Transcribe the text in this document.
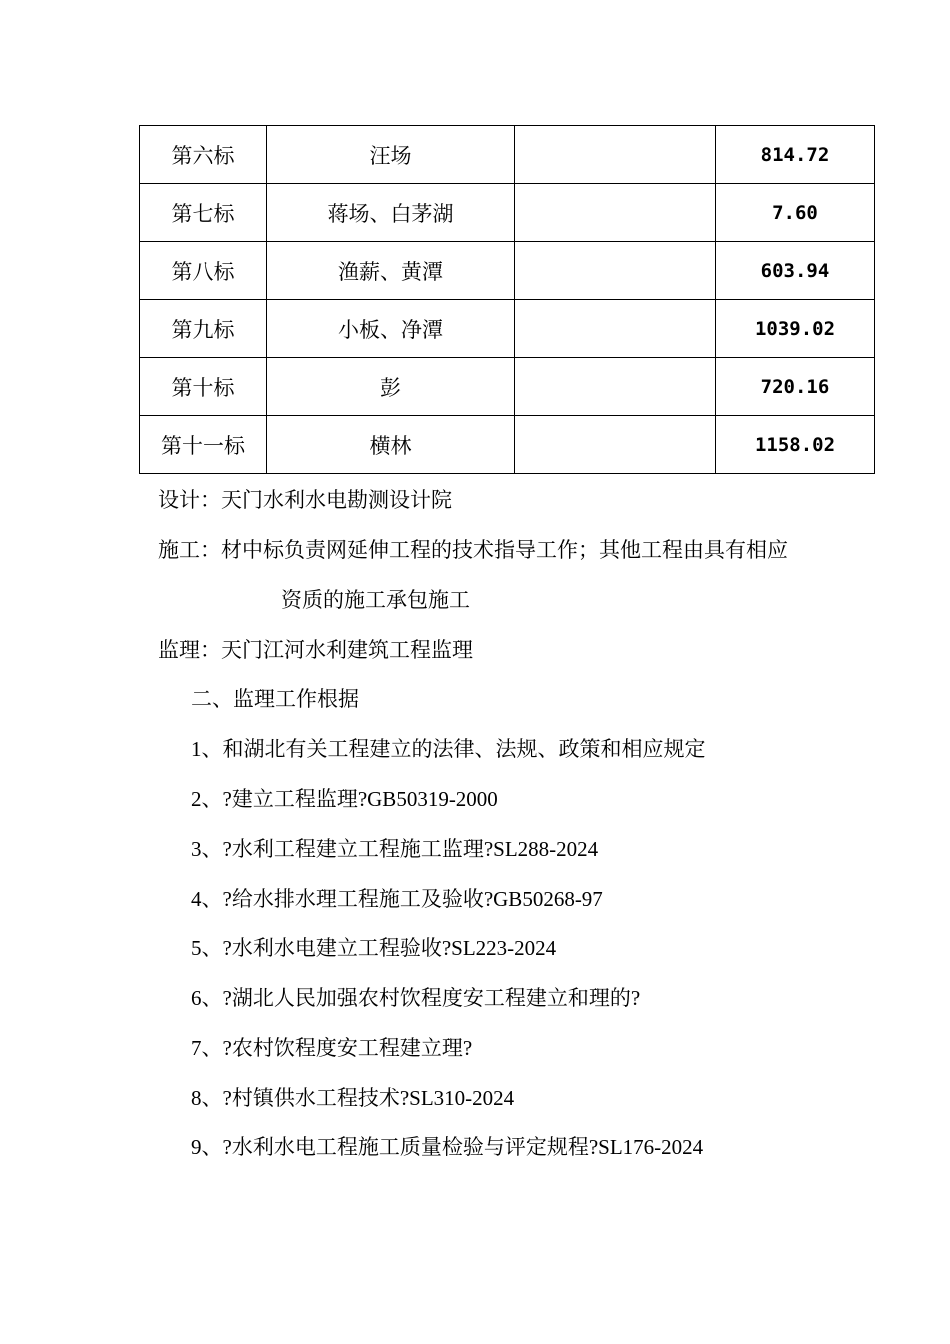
第六标	汪场		814.72
第七标	蒋场、白茅湖		7.60
第八标	渔薪、黄潭		603.94
第九标	小板、净潭		1039.02
第十标	彭		720.16
第十一标	横林		1158.02
设计：天门水利水电勘测设计院
施工：材中标负责网延伸工程的技术指导工作；其他工程由具有相应
资质的施工承包施工
监理：天门江河水利建筑工程监理
二、监理工作根据
1、和湖北有关工程建立的法律、法规、政策和相应规定
2、?建立工程监理?GB50319-2000
3、?水利工程建立工程施工监理?SL288-2024
4、?给水排水理工程施工及验收?GB50268-97
5、?水利水电建立工程验收?SL223-2024
6、?湖北人民加强农村饮程度安工程建立和理的?
7、?农村饮程度安工程建立理?
8、?村镇供水工程技术?SL310-2024
9、?水利水电工程施工质量检验与评定规程?SL176-2024
